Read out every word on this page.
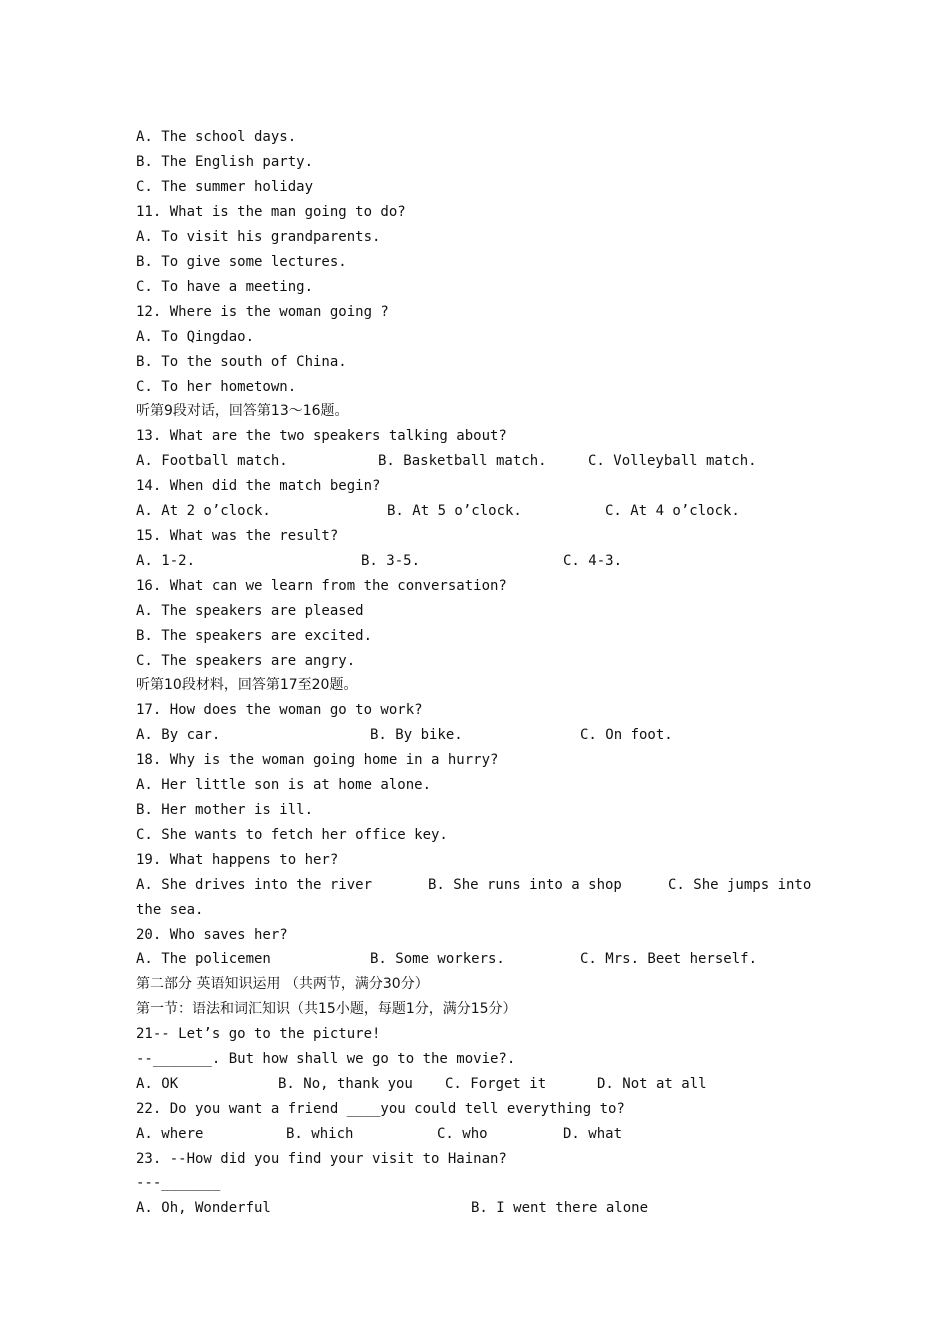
A. The school days.
B. The English party.
C. The summer holiday
11. What is the man going to do?
A. To visit his grandparents.
B. To give some lectures.
C. To have a meeting.
12. Where is the woman going ?
A. To Qingdao.
B. To the south of China.
C. To her hometown.
听第9段对话，回答第13～16题。
13. What are the two speakers talking about?
A. Football match.	B. Basketball match.	C. Volleyball match.
14. When did the match begin?
A. At 2 o’clock.	B. At 5 o’clock.	C. At 4 o’clock.
15. What was the result?
A. 1-2.	B. 3-5.	C. 4-3.
16. What can we learn from the conversation?
A. The speakers are pleased
B. The speakers are excited.
C. The speakers are angry.
听第10段材料，回答第17至20题。
17. How does the woman go to work?
A. By car.	B. By bike.	C. On foot.
18. Why is the woman going home in a hurry?
A. Her little son is at home alone.
B. Her mother is ill.
C. She wants to fetch her office key.
19. What happens to her?
A. She drives into the river	B. She runs into a shop	C. She jumps into
the sea.
20. Who saves her?
A. The policemen	B. Some workers.	C. Mrs. Beet herself.
第二部分 英语知识运用 （共两节，满分30分）
第一节：语法和词汇知识（共15小题，每题1分，满分15分）
21-- Let’s go to the picture!
--_______. But how shall we go to the movie?.
A. OK	B. No, thank you C. Forget it	D. Not at all
22. Do you want a friend ____you could tell everything to?
A. where	B. which	C. who	D. what
23. --How did you find your visit to Hainan?
---_______
A. Oh, Wonderful	B. I went there alone
